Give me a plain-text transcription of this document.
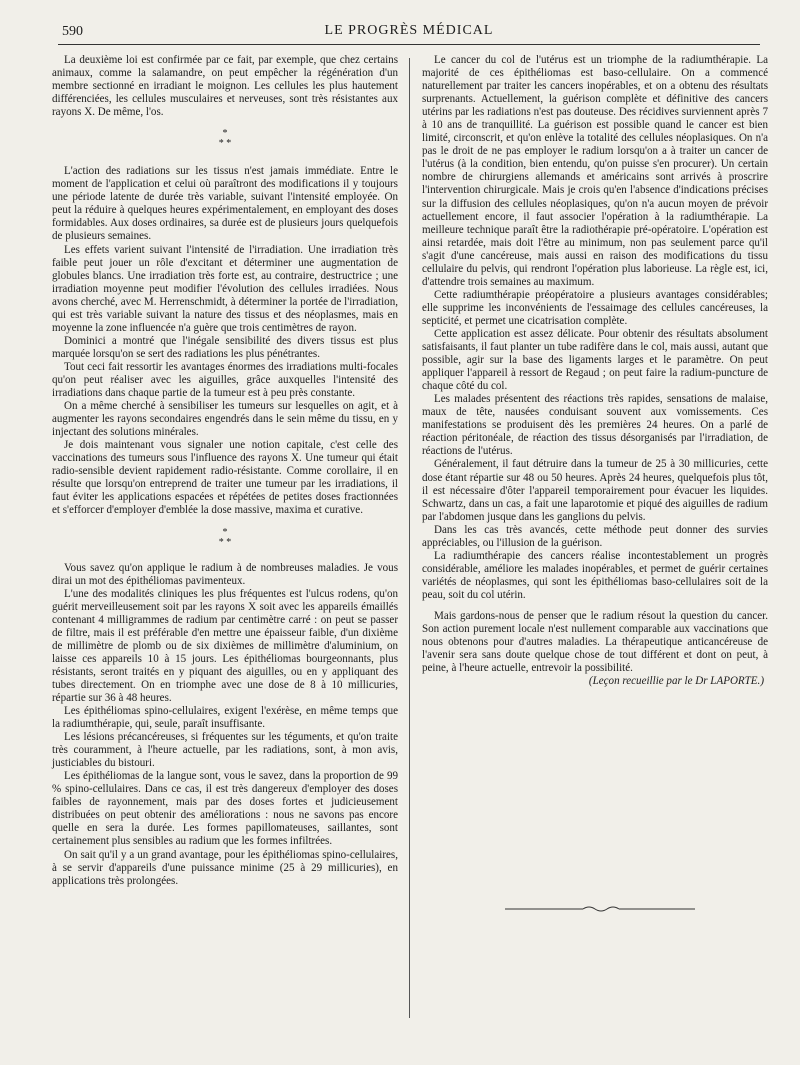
590	LE PROGRÈS MÉDICAL

La deuxième loi est confirmée par ce fait, par exemple, que chez certains animaux, comme la salamandre, on peut empêcher la régénération d'un membre sectionné en irradiant le moignon. Les cellules les plus hautement différenciées, les cellules musculaires et nerveuses, sont très résistantes aux rayons X. De même, l'os.

*
* *

L'action des radiations sur les tissus n'est jamais immédiate. Entre le moment de l'application et celui où paraîtront des modifications il y toujours une période latente de durée très variable, suivant l'intensité employée. On peut la réduire à quelques heures expérimentalement, en employant des doses formidables. Aux doses ordinaires, sa durée est de plusieurs jours quelquefois de plusieurs semaines.

Les effets varient suivant l'intensité de l'irradiation. Une irradiation très faible peut jouer un rôle d'excitant et déterminer une augmentation de globules blancs. Une irradiation très forte est, au contraire, destructrice ; une irradiation moyenne peut modifier l'évolution des cellules irradiées. Nous avons cherché, avec M. Herrenschmidt, à déterminer la portée de l'irradiation, qui est très variable suivant la nature des tissus et des néoplasmes, mais en moyenne la zone influencée n'a guère que trois centimètres de rayon.

Dominici a montré que l'inégale sensibilité des divers tissus est plus marquée lorsqu'on se sert des radiations les plus pénétrantes.

Tout ceci fait ressortir les avantages énormes des irradiations multi-focales qu'on peut réaliser avec les aiguilles, grâce auxquelles l'intensité des irradiations dans chaque partie de la tumeur est à peu près constante.

On a même cherché à sensibiliser les tumeurs sur lesquelles on agit, et à augmenter les rayons secondaires engendrés dans le sein même du tissu, en y injectant des solutions minérales.

Je dois maintenant vous signaler une notion capitale, c'est celle des vaccinations des tumeurs sous l'influence des rayons X. Une tumeur qui était radio-sensible devient rapidement radio-résistante. Comme corollaire, il en résulte que lorsqu'on entreprend de traiter une tumeur par les irradiations, il faut éviter les applications espacées et répétées de petites doses fractionnées et s'efforcer d'employer d'emblée la dose massive, maxima et curative.

*
* *

Vous savez qu'on applique le radium à de nombreuses maladies. Je vous dirai un mot des épithéliomas pavimenteux.

L'une des modalités cliniques les plus fréquentes est l'ulcus rodens, qu'on guérit merveilleusement soit par les rayons X soit avec les appareils émaillés contenant 4 milligrammes de radium par centimètre carré : on peut se passer de filtre, mais il est préférable d'en mettre une épaisseur faible, d'un dixième de millimètre de plomb ou de six dixièmes de millimètre d'aluminium, on laisse ces appareils 10 à 15 jours. Les épithéliomas bourgeonnants, plus résistants, seront traités en y piquant des aiguilles, ou en y appliquant des tubes directement. On en triomphe avec une dose de 8 à 10 millicuries, répartie sur 36 à 48 heures.

Les épithéliomas spino-cellulaires, exigent l'exérèse, en même temps que la radiumthérapie, qui, seule, paraît insuffisante.

Les lésions précancéreuses, si fréquentes sur les téguments, et qu'on traite très couramment, à l'heure actuelle, par les radiations, sont, à mon avis, justiciables du bistouri.

Les épithéliomas de la langue sont, vous le savez, dans la proportion de 99 % spino-cellulaires. Dans ce cas, il est très dangereux d'employer des doses faibles de rayonnement, mais par des doses fortes et judicieusement distribuées on peut obtenir des améliorations : nous ne savons pas encore quelle en sera la durée. Les formes papillomateuses, saillantes, sont certainement plus sensibles au radium que les formes infiltrées.

On sait qu'il y a un grand avantage, pour les épithéliomas spino-cellulaires, à se servir d'appareils d'une puissance minime (25 à 29 millicuries), en applications très prolongées.

Le cancer du col de l'utérus est un triomphe de la radiumthérapie. La majorité de ces épithéliomas est baso-cellulaire. On a commencé naturellement par traiter les cancers inopérables, et on a obtenu des résultats surprenants. Actuellement, la guérison complète et définitive des cancers utérins par les radiations n'est pas douteuse. Des récidives surviennent après 7 à 10 ans de tranquillité. La guérison est possible quand le cancer est bien limité, circonscrit, et qu'on enlève la totalité des cellules néoplasiques. On n'a pas le droit de ne pas employer le radium lorsqu'on a à traiter un cancer de l'utérus (à la condition, bien entendu, qu'on puisse s'en procurer). Un certain nombre de chirurgiens allemands et américains sont arrivés à proscrire l'intervention chirurgicale. Mais je crois qu'en l'absence d'indications précises sur la diffusion des cellules néoplasiques, qu'on n'a aucun moyen de prévoir actuellement encore, il faut associer l'opération à la radiumthérapie. La meilleure technique paraît être la radiothérapie pré-opératoire. L'opération est ainsi retardée, mais doit l'être au minimum, non pas seulement parce qu'il s'agit d'une cancéreuse, mais aussi en raison des modifications du tissu cellulaire du pelvis, qui rendront l'opération plus laborieuse. La règle est, ici, d'attendre trois semaines au maximum.

Cette radiumthérapie préopératoire a plusieurs avantages considérables; elle supprime les inconvénients de l'essaimage des cellules cancéreuses, la septicité, et permet une cicatrisation complète.

Cette application est assez délicate. Pour obtenir des résultats absolument satisfaisants, il faut planter un tube radifère dans le col, mais aussi, autant que possible, agir sur la base des ligaments larges et le paramètre. On peut appliquer l'appareil à ressort de Regaud ; on peut faire la radium-puncture de chaque côté du col.

Les malades présentent des réactions très rapides, sensations de malaise, maux de tête, nausées conduisant souvent aux vomissements. Ces manifestations se produisent dès les premières 24 heures. On a parlé de réaction péritonéale, de réaction des tissus désorganisés par l'irradiation, de réactions de l'utérus.

Généralement, il faut détruire dans la tumeur de 25 à 30 millicuries, cette dose étant répartie sur 48 ou 50 heures. Après 24 heures, quelquefois plus tôt, il est nécessaire d'ôter l'appareil temporairement pour évacuer les liquides. Schwartz, dans un cas, a fait une laparotomie et piqué des aiguilles de radium par l'abdomen jusque dans les ganglions du pelvis.

Dans les cas très avancés, cette méthode peut donner des survies appréciables, ou l'illusion de la guérison.

La radiumthérapie des cancers réalise incontestablement un progrès considérable, améliore les malades inopérables, et permet de guérir certaines variétés de néoplasmes, qui sont les épithéliomas baso-cellulaires soit de la peau, soit du col utérin.

Mais gardons-nous de penser que le radium résout la question du cancer. Son action purement locale n'est nullement comparable aux vaccinations que nous obtenons pour d'autres maladies. La thérapeutique anticancéreuse de l'avenir sera sans doute quelque chose de tout différent et dont on peut, à peine, à l'heure actuelle, entrevoir la possibilité.

(Leçon recueillie par le Dr LAPORTE.)
